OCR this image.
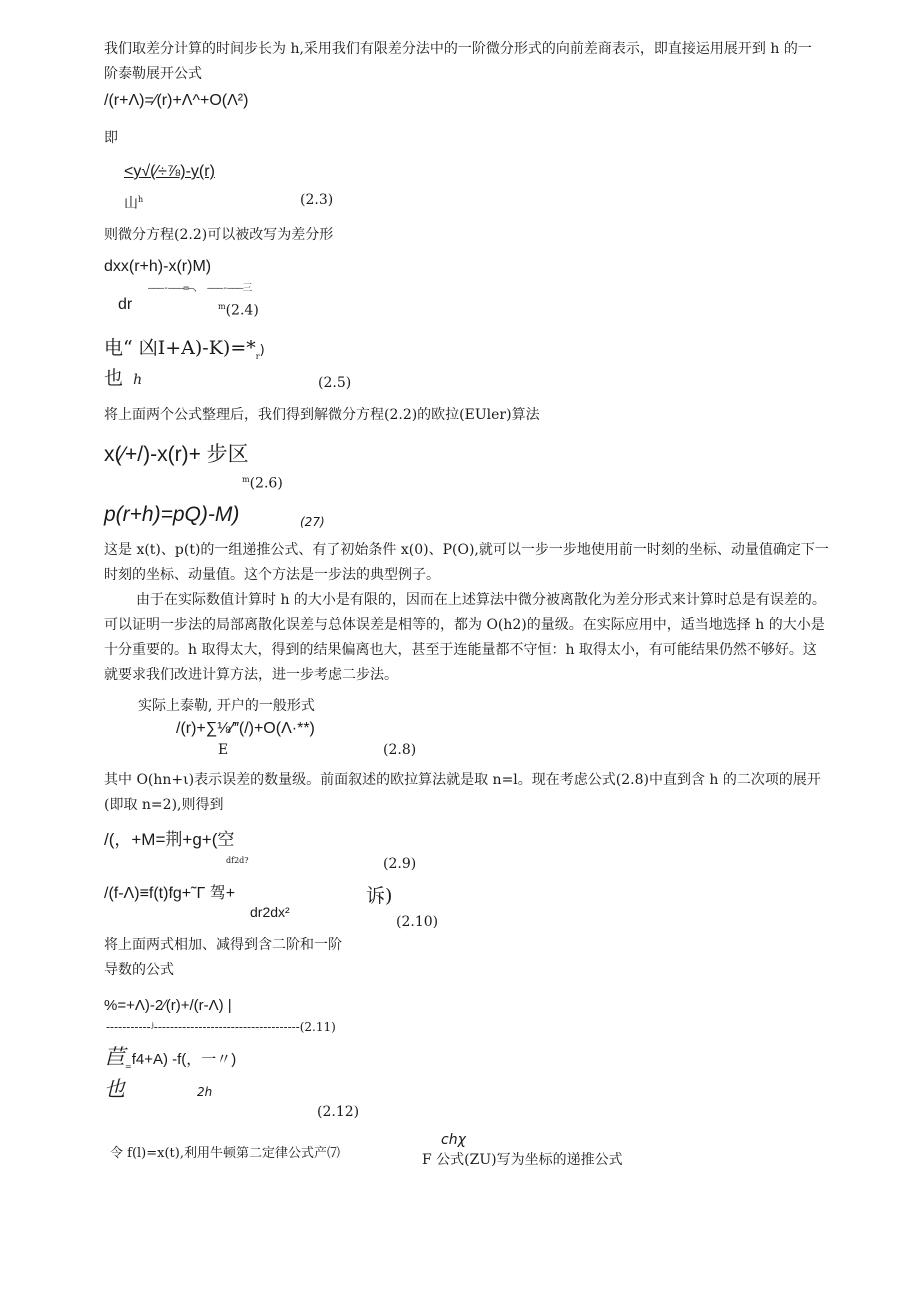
我们取差分计算的时间步长为 h,采用我们有限差分法中的一阶微分形式的向前差商表示，即直接运用展开到 h 的一
阶泰勒展开公式
/(r+Λ)=∕(r)+Λ^+O(Λ²)
即
<y√(∕÷⅞)-y(r)
山$^h$	(2.3)
则微分方程(2.2)可以被改写为差分形
dxx(r+h)-x(r)M)
———-———=—、 ———-———三
dr	$^m$(2.4)
电“ 凶$I+A)-K)=*_r$)
也 h	(2.5)
将上面两个公式整理后，我们得到解微分方程(2.2)的欧拉(EUler)算法
x(∕+/)-x(r)+ 步区
$^m$(2.6)
p(r+h)=pQ)-M)	(27)
这是 x(t)、p(t)的一组递推公式、有了初始条件 x(0)、P(O),就可以一步一步地使用前一时刻的坐标、动量值确定下一
时刻的坐标、动量值。这个方法是一步法的典型例子。
由于在实际数值计算时 h 的大小是有限的，因而在上述算法中微分被离散化为差分形式来计算时总是有误差的。
可以证明一步法的局部离散化误差与总体误差是相等的，都为 O(h2)的量级。在实际应用中，适当地选择 h 的大小是
十分重要的。h 取得太大，得到的结果偏离也大，甚至于连能量都不守恒：h 取得太小，有可能结果仍然不够好。这
就要求我们改进计算方法，进一步考虑二步法。
实际上泰勒, 开户的一般形式
/(r)+∑⅛∕‴(/)+O(Λ·**)
E	(2.8)
其中 O(hn+ι)表示误差的数量级。前面叙述的欧拉算法就是取 n=l。现在考虑公式(2.8)中直到含 h 的二次项的展开
(即取 n=2),则得到
/(，+M=荆+g+(空
df2d?	(2.9)
/(f-Λ)≡f(t)fg+˜Γ 驾+	诉)
dr2dx²
(2.10)
将上面两式相加、减得到含二阶和一阶
导数的公式
%=+Λ)-2∕(r)+/(r-Λ) |
-----------ʲ------------------------------------(2.11)
苣$_=$f4+A) -f(，一〃)
也	2h
(2.12)
chχ
令 f(l)=x(t),利用牛顿第二定律公式产⑺	F 公式(ZU)写为坐标的递推公式
